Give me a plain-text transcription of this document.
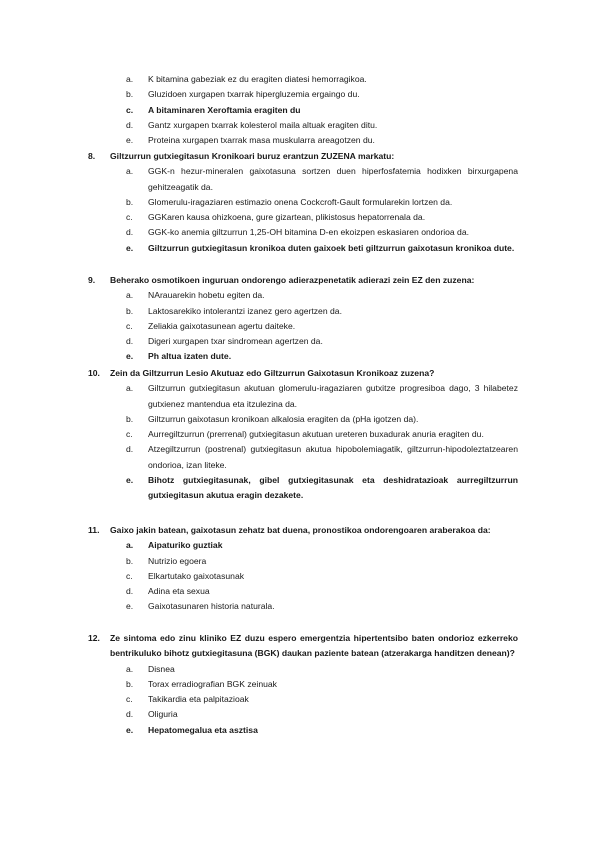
a. K bitamina gabeziak ez du eragiten diatesi hemorragikoa.
b. Gluzidoen xurgapen txarrak hipergluzemia ergaingo du.
c. A bitaminaren Xeroftamia eragiten du
d. Gantz xurgapen txarrak kolesterol maila altuak eragiten ditu.
e. Proteina xurgapen txarrak masa muskularra areagotzen du.
8. Giltzurrun gutxiegitasun Kronikoari buruz erantzun ZUZENA markatu:
a. GGK-n hezur-mineralen gaixotasuna sortzen duen hiperfosfatemia hodixken birxurgapena gehitzeagatik da.
b. Glomerulu-iragaziaren estimazio onena Cockcroft-Gault formularekin lortzen da.
c. GGKaren kausa ohizkoena, gure gizartean, plikistosus hepatorrenala da.
d. GGK-ko anemia giltzurrun 1,25-OH bitamina D-en ekoizpen eskasiaren ondorioa da.
e. Giltzurrun gutxiegitasun kronikoa duten gaixoek beti giltzurrun gaixotasun kronikoa dute.
9. Beherako osmotikoen inguruan ondorengo adierazpenetatik adierazi zein EZ den zuzena:
a. NArauarekin hobetu egiten da.
b. Laktosarekiko intolerantzi izanez gero agertzen da.
c. Zeliakia gaixotasunean agertu daiteke.
d. Digeri xurgapen txar sindromean agertzen da.
e. Ph altua izaten dute.
10. Zein da Giltzurrun Lesio Akutuaz edo Giltzurrun Gaixotasun Kronikoaz zuzena?
a. Giltzurrun gutxiegitasun akutuan glomerulu-iragaziaren gutxitze progresiboa dago, 3 hilabetez gutxienez mantendua eta itzulezina da.
b. Giltzurrun gaixotasun kronikoan alkalosia eragiten da (pHa igotzen da).
c. Aurregiltzurrun (prerrenal) gutxiegitasun akutuan ureteren buxadurak anuria eragiten du.
d. Atzegiltzurrun (postrenal) gutxiegitasun akutua hipobolemiagatik, giltzurrun-hipodoleztatzearen ondorioa, izan liteke.
e. Bihotz gutxiegitasunak, gibel gutxiegitasunak eta deshidratazioak aurregiltzurrun gutxiegitasun akutua eragin dezakete.
11. Gaixo jakin batean, gaixotasun zehatz bat duena, pronostikoa ondorengoaren araberakoa da:
a. Aipaturiko guztiak
b. Nutrizio egoera
c. Elkartutako gaixotasunak
d. Adina eta sexua
e. Gaixotasunaren historia naturala.
12. Ze sintoma edo zinu kliniko EZ duzu espero emergentzia hipertentsibo baten ondorioz ezkerreko bentrikuluko bihotz gutxiegitasuna (BGK) daukan paziente batean (atzerakarga handitzen denean)?
a. Disnea
b. Torax erradiografian BGK zeinuak
c. Takikardia eta palpitazioak
d. Oliguria
e. Hepatomegalua eta asztisa
